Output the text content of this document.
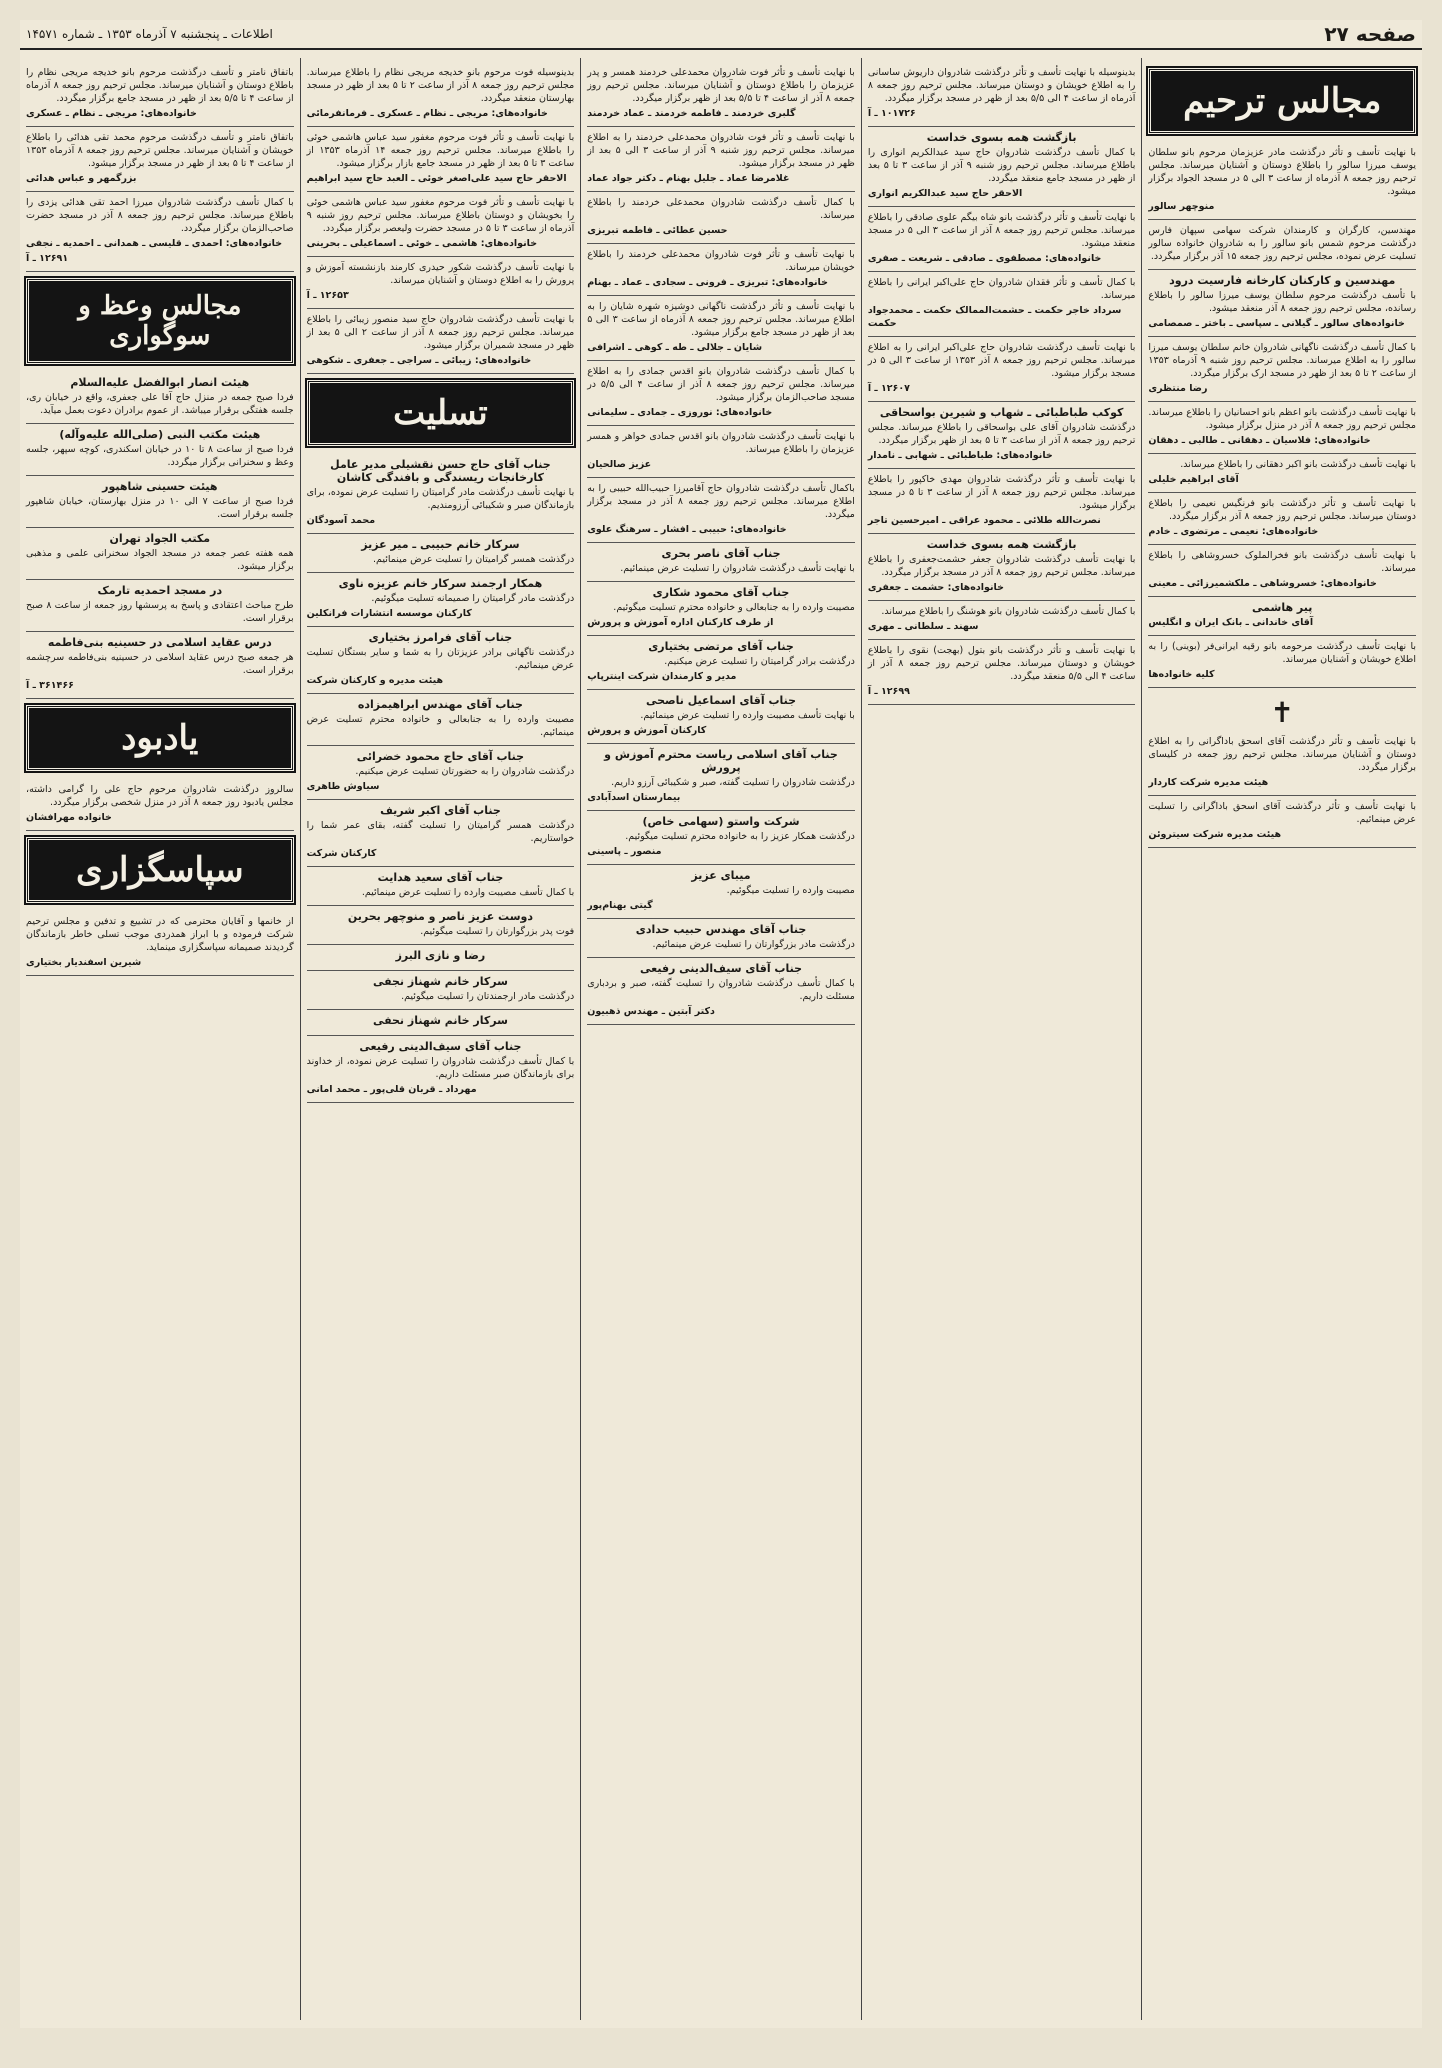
صفحه ۲۷
اطلاعات ـ پنجشنبه ۷ آذرماه ۱۳۵۳ ـ شماره ۱۴۵۷۱
مجالس ترحیم
با نهایت تأسف و تأثر درگذشت مادر عزیزمان مرحوم بانو سلطان یوسف میرزا سالور را باطلاع دوستان و آشنایان میرساند. مجلس ترحیم روز جمعه ۸ آذرماه از ساعت ۳ الی ۵ در مسجد الجواد برگزار میشود.
منوچهر سالور
مهندسین، کارگران و کارمندان شرکت سهامی سپهان فارس درگذشت مرحوم شمس بانو سالور را به شادروان خانواده سالور تسلیت عرض نموده، مجلس ترحیم روز جمعه ۱۵ آذر برگزار میگردد.
مهندسین و کارکنان کارخانه فارسیت درود
با تأسف درگذشت مرحوم سلطان یوسف میرزا سالور را باطلاع رسانده، مجلس ترحیم روز جمعه ۸ آذر منعقد میشود.
خانواده‌های سالور ـ گیلانی ـ سپاسی ـ باختر ـ صمصامی
با کمال تأسف درگذشت ناگهانی شادروان خانم سلطان یوسف میرزا سالور را به اطلاع میرساند. مجلس ترحیم روز شنبه ۹ آذرماه ۱۳۵۳ از ساعت ۲ تا ۵ بعد از ظهر در مسجد ارک برگزار میگردد.
رضا منتظری
با نهایت تأسف درگذشت بانو اعظم بانو احسانیان را باطلاع میرساند. مجلس ترحیم روز جمعه ۸ آذر در منزل برگزار میشود.
خانواده‌های: فلاسیان ـ دهقانی ـ طالبی ـ دهقان
با نهایت تأسف درگذشت بانو اکبر دهقانی را باطلاع میرساند.
آقای ابراهیم خلیلی
با نهایت تأسف و تأثر درگذشت بانو فرنگیس نعیمی را باطلاع دوستان میرساند. مجلس ترحیم روز جمعه ۸ آذر برگزار میگردد.
خانواده‌های: نعیمی ـ مرتضوی ـ خادم
با نهایت تأسف درگذشت بانو فخرالملوک خسروشاهی را باطلاع میرساند.
خانواده‌های: خسروشاهی ـ ملکشمیرزائی ـ معینی
پیر هاشمی
آقای خاندانی ـ بانک ایران و انگلیس
با نهایت تأسف درگذشت مرحومه بانو رقیه ایرانی‌فر (بوینی) را به اطلاع خویشان و آشنایان میرساند.
کلیه خانواده‌ها
✝
با نهایت تأسف و تأثر درگذشت آقای اسحق باداگرانی را به اطلاع دوستان و آشنایان میرساند. مجلس ترحیم روز جمعه در کلیسای برگزار میگردد.
هیئت مدیره شرکت کاردار
با نهایت تأسف و تأثر درگذشت آقای اسحق باداگرانی را تسلیت عرض مینمائیم.
هیئت مدیره شرکت سیتروئن
بدینوسیله با نهایت تأسف و تأثر درگذشت شادروان داریوش ساسانی را به اطلاع خویشان و دوستان میرساند. مجلس ترحیم روز جمعه ۸ آذرماه از ساعت ۴ الی ۵/۵ بعد از ظهر در مسجد برگزار میگردد.
۱۰۱۷۲۶ ـ آ
بازگشت همه بسوی خداست
با کمال تأسف درگذشت شادروان حاج سید عبدالکریم انواری را باطلاع میرساند. مجلس ترحیم روز شنبه ۹ آذر از ساعت ۳ تا ۵ بعد از ظهر در مسجد جامع منعقد میگردد.
الاحقر حاج سید عبدالکریم انواری
با نهایت تأسف و تأثر درگذشت بانو شاه بیگم علوی صادقی را باطلاع میرساند. مجلس ترحیم روز جمعه ۸ آذر از ساعت ۳ الی ۵ در مسجد منعقد میشود.
خانواده‌های: مصطفوی ـ صادقی ـ شریعت ـ صفری
با کمال تأسف و تأثر فقدان شادروان حاج علی‌اکبر ایرانی را باطلاع میرساند.
سرداد خاجر حکمت ـ حشمت‌الممالک حکمت ـ محمدجواد حکمت
با نهایت تأسف درگذشت شادروان حاج علی‌اکبر ایرانی را به اطلاع میرساند. مجلس ترحیم روز جمعه ۸ آذر ۱۳۵۳ از ساعت ۳ الی ۵ در مسجد برگزار میشود.
۱۲۶۰۷ ـ آ
کوکب طباطبائی ـ شهاب و شیرین بواسحاقی
درگذشت شادروان آقای علی بواسحاقی را باطلاع میرساند. مجلس ترحیم روز جمعه ۸ آذر از ساعت ۳ تا ۵ بعد از ظهر برگزار میگردد.
خانواده‌های: طباطبائی ـ شهابی ـ نامدار
با نهایت تأسف و تأثر درگذشت شادروان مهدی خاکپور را باطلاع میرساند. مجلس ترحیم روز جمعه ۸ آذر از ساعت ۳ تا ۵ در مسجد برگزار میشود.
نصرت‌الله طلائی ـ محمود عراقی ـ امیرحسین تاجر
بازگشت همه بسوی خداست
با نهایت تأسف درگذشت شادروان جعفر حشمت‌جعفری را باطلاع میرساند. مجلس ترحیم روز جمعه ۸ آذر در مسجد برگزار میگردد.
خانواده‌های: حشمت ـ جعفری
با کمال تأسف درگذشت شادروان بانو هوشنگ را باطلاع میرساند.
سهند ـ سلطانی ـ مهری
با نهایت تأسف و تأثر درگذشت بانو بتول (بهجت) نقوی را باطلاع خویشان و دوستان میرساند. مجلس ترحیم روز جمعه ۸ آذر از ساعت ۴ الی ۵/۵ منعقد میگردد.
۱۲۶۹۹ ـ آ
با نهایت تأسف و تأثر فوت شادروان محمدعلی خردمند همسر و پدر عزیزمان را باطلاع دوستان و آشنایان میرساند. مجلس ترحیم روز جمعه ۸ آذر از ساعت ۴ تا ۵/۵ بعد از ظهر برگزار میگردد.
گلبری خردمند ـ فاطمه خردمند ـ عماد خردمند
با نهایت تأسف و تأثر فوت شادروان محمدعلی خردمند را به اطلاع میرساند. مجلس ترحیم روز شنبه ۹ آذر از ساعت ۳ الی ۵ بعد از ظهر در مسجد برگزار میشود.
غلامرضا عماد ـ جلیل بهنام ـ دکتر جواد عماد
با کمال تأسف درگذشت شادروان محمدعلی خردمند را باطلاع میرساند.
حسین عطائی ـ فاطمه تبریزی
با نهایت تأسف و تأثر فوت شادروان محمدعلی خردمند را باطلاع خویشان میرساند.
خانواده‌های: تبریزی ـ فرونی ـ سجادی ـ عماد ـ بهنام
با نهایت تأسف و تأثر درگذشت ناگهانی دوشیزه شهره شایان را به اطلاع میرساند. مجلس ترحیم روز جمعه ۸ آذرماه از ساعت ۳ الی ۵ بعد از ظهر در مسجد جامع برگزار میشود.
شایان ـ جلالی ـ طه ـ کوهی ـ اشرافی
با کمال تأسف درگذشت شادروان بانو اقدس جمادی را به اطلاع میرساند. مجلس ترحیم روز جمعه ۸ آذر از ساعت ۴ الی ۵/۵ در مسجد صاحب‌الزمان برگزار میشود.
خانواده‌های: نوروزی ـ جمادی ـ سلیمانی
با نهایت تأسف درگذشت شادروان بانو اقدس جمادی خواهر و همسر عزیزمان را باطلاع میرساند.
عزیز صالحیان
باکمال تأسف درگذشت شادروان حاج آقامیرزا حبیب‌الله حبیبی را به اطلاع میرساند. مجلس ترحیم روز جمعه ۸ آذر در مسجد برگزار میگردد.
خانواده‌های: حبیبی ـ افشار ـ سرهنگ علوی
جناب آقای ناصر بحری
با نهایت تأسف درگذشت شادروان را تسلیت عرض مینمائیم.
جناب آقای محمود شکاری
مصیبت وارده را به جنابعالی و خانواده محترم تسلیت میگوئیم.
از طرف کارکنان اداره آموزش و پرورش
جناب آقای مرتضی بختیاری
درگذشت برادر گرامیتان را تسلیت عرض میکنیم.
مدیر و کارمندان شرکت اینترپاپ
جناب آقای اسماعیل ناصحی
با نهایت تأسف مصیبت وارده را تسلیت عرض مینمائیم.
کارکنان آموزش و پرورش
جناب آقای اسلامی ریاست محترم آموزش و پرورش
درگذشت شادروان را تسلیت گفته، صبر و شکیبائی آرزو داریم.
بیمارستان اسدآبادی
شرکت واستو (سهامی خاص)
درگذشت همکار عزیز را به خانواده محترم تسلیت میگوئیم.
منصور ـ پاسینی
میبای عزیز
مصیبت وارده را تسلیت میگوئیم.
گیتی بهنام‌پور
جناب آقای مهندس حبیب حدادی
درگذشت مادر بزرگوارتان را تسلیت عرض مینمائیم.
جناب آقای سیف‌الدینی رفیعی
با کمال تأسف درگذشت شادروان را تسلیت گفته، صبر و بردباری مسئلت داریم.
دکتر آبتین ـ مهندس ذهبیون
بدینوسیله فوت مرحوم بانو خدیجه مریجی نظام را باطلاع میرساند. مجلس ترحیم روز جمعه ۸ آذر از ساعت ۲ تا ۵ بعد از ظهر در مسجد بهارستان منعقد میگردد.
خانواده‌های: مریجی ـ نظام ـ عسکری ـ فرمانفرمائی
با نهایت تأسف و تأثر فوت مرحوم مغفور سید عباس هاشمی خوئی را باطلاع میرساند. مجلس ترحیم روز جمعه ۱۴ آذرماه ۱۳۵۳ از ساعت ۳ تا ۵ بعد از ظهر در مسجد جامع بازار برگزار میشود.
الاحقر حاج سید علی‌اصغر خوئی ـ العبد حاج سید ابراهیم
با نهایت تأسف و تأثر فوت مرحوم مغفور سید عباس هاشمی خوئی را بخویشان و دوستان باطلاع میرساند. مجلس ترحیم روز شنبه ۹ آذرماه از ساعت ۳ تا ۵ در مسجد حضرت ولیعصر برگزار میگردد.
خانواده‌های: هاشمی ـ خوئی ـ اسماعیلی ـ بحرینی
با نهایت تأسف درگذشت شکور حیدری کارمند بازنشسته آموزش و پرورش را به اطلاع دوستان و آشنایان میرساند.
۱۲۶۵۳ ـ آ
با نهایت تأسف درگذشت شادروان حاج سید منصور زیبائی را باطلاع میرساند. مجلس ترحیم روز جمعه ۸ آذر از ساعت ۲ الی ۵ بعد از ظهر در مسجد شمیران برگزار میشود.
خانواده‌های: زیبائی ـ سراجی ـ جعفری ـ شکوهی
تسلیت
جناب آقای حاج حسن نقشیلی مدیر عامل کارخانجات ریسندگی و بافندگی کاشان
با نهایت تأسف درگذشت مادر گرامیتان را تسلیت عرض نموده، برای بازماندگان صبر و شکیبائی آرزومندیم.
محمد آسودگان
سرکار خانم حبیبی ـ میر عزیز
درگذشت همسر گرامیتان را تسلیت عرض مینمائیم.
همکار ارجمند سرکار خانم عزیزه ناوی
درگذشت مادر گرامیتان را صمیمانه تسلیت میگوئیم.
کارکنان موسسه انتشارات فرانکلین
جناب آقای فرامرز بختیاری
درگذشت ناگهانی برادر عزیزتان را به شما و سایر بستگان تسلیت عرض مینمائیم.
هیئت مدیره و کارکنان شرکت
جناب آقای مهندس ابراهیمزاده
مصیبت وارده را به جنابعالی و خانواده محترم تسلیت عرض مینمائیم.
جناب آقای حاج محمود خضرائی
درگذشت شادروان را به حضورتان تسلیت عرض میکنیم.
سیاوش طاهری
جناب آقای اکبر شریف
درگذشت همسر گرامیتان را تسلیت گفته، بقای عمر شما را خواستاریم.
کارکنان شرکت
جناب آقای سعید هدایت
با کمال تأسف مصیبت وارده را تسلیت عرض مینمائیم.
دوست عزیز ناصر و منوچهر بحرین
فوت پدر بزرگوارتان را تسلیت میگوئیم.
رضا و نازی البرز
سرکار خانم شهناز نجفی
درگذشت مادر ارجمندتان را تسلیت میگوئیم.
سرکار خانم شهناز نحفی
جناب آقای سیف‌الدینی رفیعی
با کمال تأسف درگذشت شادروان را تسلیت عرض نموده، از خداوند برای بازماندگان صبر مسئلت داریم.
مهرداد ـ قربان قلی‌پور ـ محمد امانی
باتفاق نامتر و تأسف درگذشت مرحوم بانو خدیجه مریجی نظام را باطلاع دوستان و آشنایان میرساند. مجلس ترحیم روز جمعه ۸ آذرماه از ساعت ۴ تا ۵/۵ بعد از ظهر در مسجد جامع برگزار میگردد.
خانواده‌های: مریجی ـ نظام ـ عسکری
باتفاق نامتر و تأسف درگذشت مرحوم محمد تقی هدائی را باطلاع خویشان و آشنایان میرساند. مجلس ترحیم روز جمعه ۸ آذرماه ۱۳۵۳ از ساعت ۴ تا ۵ بعد از ظهر در مسجد برگزار میشود.
بزرگمهر و عباس هدائی
با کمال تأسف درگذشت شادروان میرزا احمد تقی هدائی یزدی را باطلاع میرساند. مجلس ترحیم روز جمعه ۸ آذر در مسجد حضرت صاحب‌الزمان برگزار میگردد.
خانواده‌های: احمدی ـ قلیسی ـ همدانی ـ احمدیه ـ نجفی
۱۲۶۹۱ ـ آ
مجالس وعظ و سوگواری
هیئت انصار ابوالفضل علیه‌السلام
فردا صبح جمعه در منزل حاج آقا علی جعفری، واقع در خیابان ری، جلسه هفتگی برقرار میباشد. از عموم برادران دعوت بعمل میآید.
هیئت مکتب النبی (صلی‌الله علیه‌وآله)
فردا صبح از ساعت ۸ تا ۱۰ در خیابان اسکندری، کوچه سپهر، جلسه وعظ و سخنرانی برگزار میگردد.
هیئت حسینی شاهپور
فردا صبح از ساعت ۷ الی ۱۰ در منزل بهارستان، خیابان شاهپور جلسه برقرار است.
مکتب الجواد تهران
همه هفته عصر جمعه در مسجد الجواد سخنرانی علمی و مذهبی برگزار میشود.
در مسجد احمدیه تارمک
طرح مباحث اعتقادی و پاسخ به پرسشها روز جمعه از ساعت ۸ صبح برقرار است.
درس عقاید اسلامی در حسینیه بنی‌فاطمه
هر جمعه صبح درس عقاید اسلامی در حسینیه بنی‌فاطمه سرچشمه برقرار است.
۳۶۱۴۶۶ ـ آ
یادبود
سالروز درگذشت شادروان مرحوم حاج علی را گرامی داشته، مجلس یادبود روز جمعه ۸ آذر در منزل شخصی برگزار میگردد.
خانواده مهرافشان
سپاسگزاری
از خانمها و آقایان محترمی که در تشییع و تدفین و مجلس ترحیم شرکت فرموده و با ابراز همدردی موجب تسلی خاطر بازماندگان گردیدند صمیمانه سپاسگزاری مینماید.
شیرین اسفندیار بختیاری
